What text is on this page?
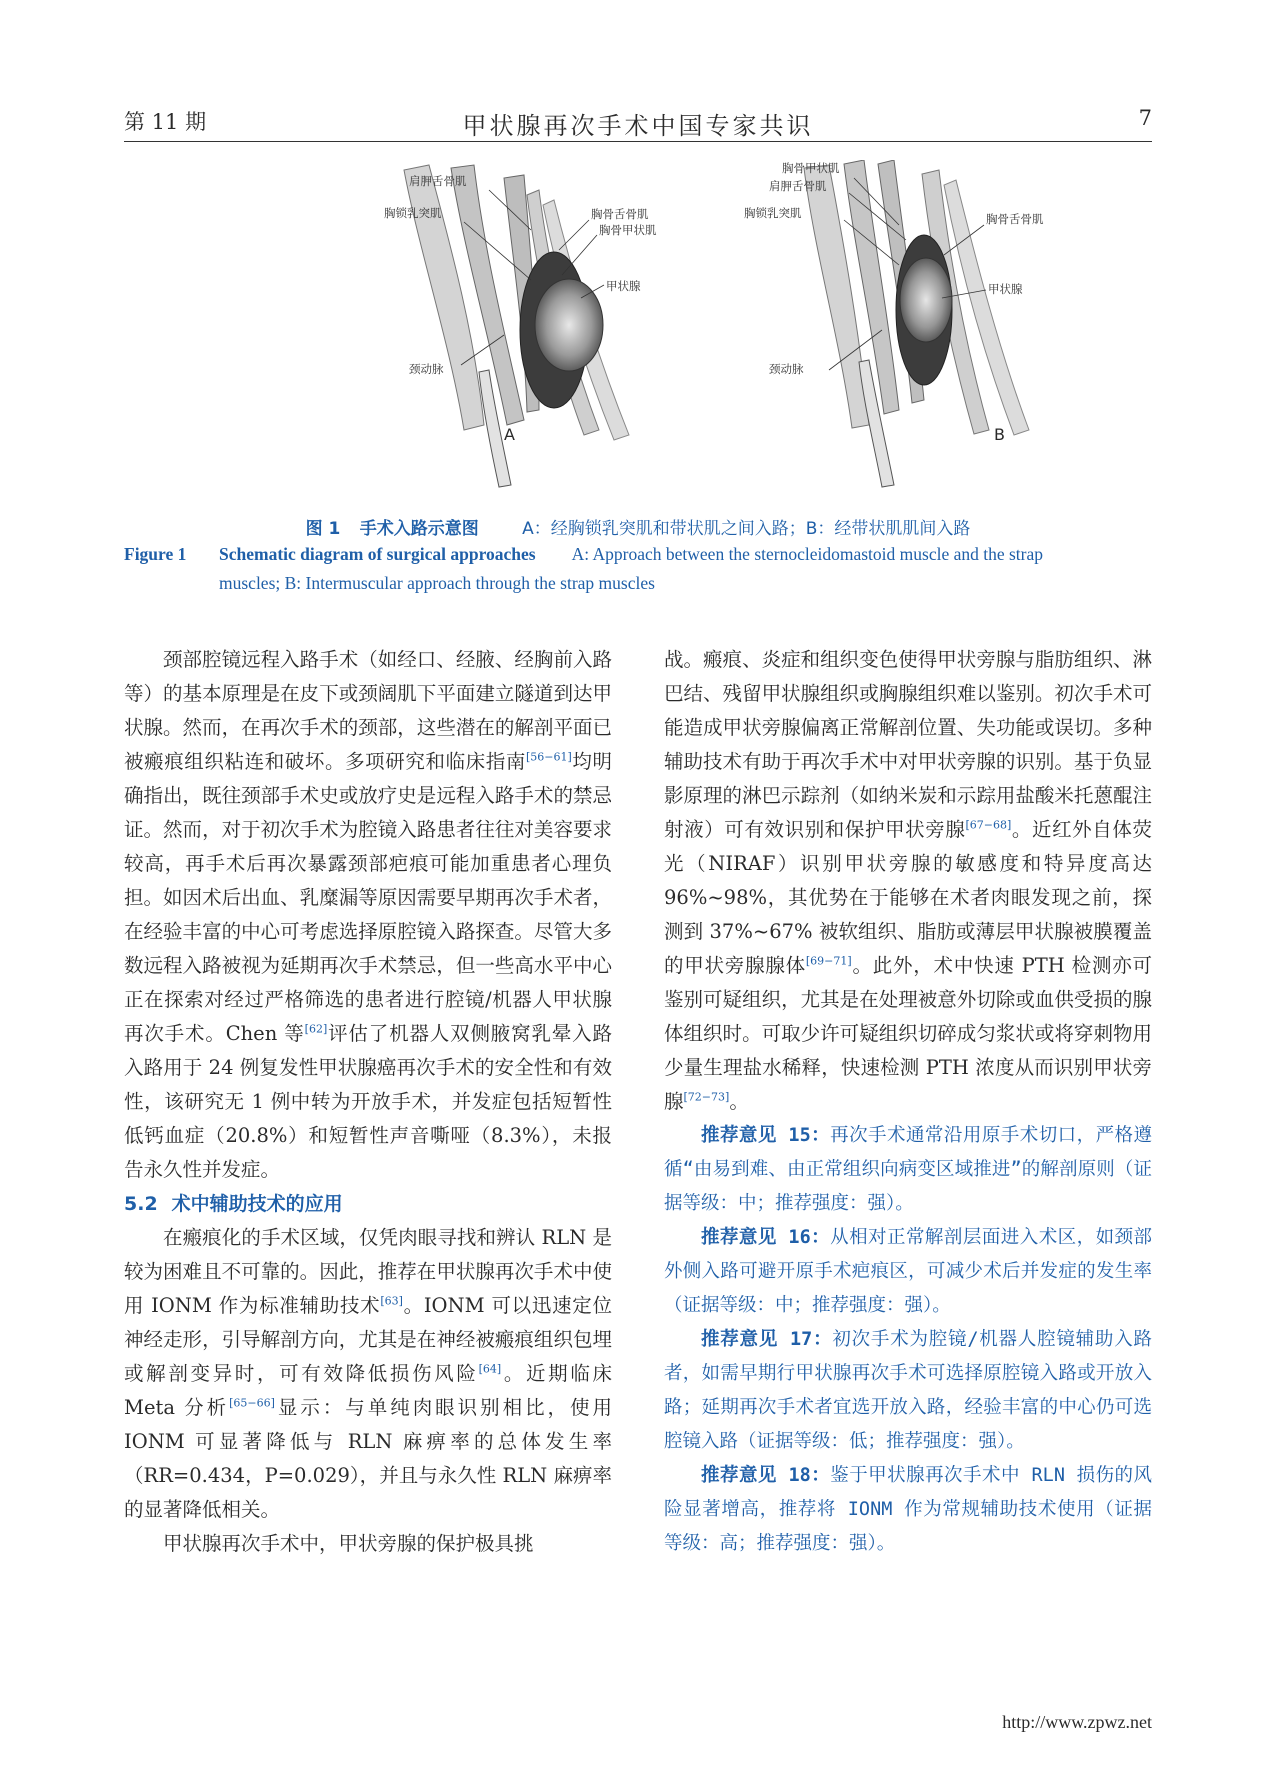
第 11 期	甲状腺再次手术中国专家共识	7
肩胛舌骨肌
胸锁乳突肌	胸骨舌骨肌
胸骨甲状肌
甲状腺
颈动脉
A
胸骨甲状肌
肩胛舌骨肌
胸锁乳突肌	胸骨舌骨肌
甲状腺
颈动脉
B
图 1 手术入路示意图	A：经胸锁乳突肌和带状肌之间入路；B：经带状肌肌间入路
Figure 1 Schematic diagram of surgical approaches A: Approach between the sternocleidomastoid muscle and the strap
muscles; B: Intermuscular approach through the strap muscles

颈部腔镜远程入路手术（如经口、经腋、经胸前入路等）的基本原理是在皮下或颈阔肌下平面建立隧道到达甲状腺。然而，在再次手术的颈部，这些潜在的解剖平面已被瘢痕组织粘连和破坏。多项研究和临床指南[56−61]均明确指出，既往颈部手术史或放疗史是远程入路手术的禁忌证。然而，对于初次手术为腔镜入路患者往往对美容要求较高，再手术后再次暴露颈部疤痕可能加重患者心理负担。如因术后出血、乳糜漏等原因需要早期再次手术者，在经验丰富的中心可考虑选择原腔镜入路探查。尽管大多数远程入路被视为延期再次手术禁忌，但一些高水平中心正在探索对经过严格筛选的患者进行腔镜/机器人甲状腺再次手术。Chen 等[62]评估了机器人双侧腋窝乳晕入路入路用于 24 例复发性甲状腺癌再次手术的安全性和有效性，该研究无 1 例中转为开放手术，并发症包括短暂性低钙血症（20.8%）和短暂性声音嘶哑（8.3%），未报告永久性并发症。

5.2 术中辅助技术的应用

在瘢痕化的手术区域，仅凭肉眼寻找和辨认 RLN 是较为困难且不可靠的。因此，推荐在甲状腺再次手术中使用 IONM 作为标准辅助技术[63]。IONM 可以迅速定位神经走形，引导解剖方向，尤其是在神经被瘢痕组织包埋或解剖变异时，可有效降低损伤风险[64]。近期临床 Meta 分析[65−66]显示：与单纯肉眼识别相比，使用 IONM 可显著降低与 RLN 麻痹率的总体发生率（RR=0.434，P=0.029），并且与永久性 RLN 麻痹率的显著降低相关。

甲状腺再次手术中，甲状旁腺的保护极具挑

战。瘢痕、炎症和组织变色使得甲状旁腺与脂肪组织、淋巴结、残留甲状腺组织或胸腺组织难以鉴别。初次手术可能造成甲状旁腺偏离正常解剖位置、失功能或误切。多种辅助技术有助于再次手术中对甲状旁腺的识别。基于负显影原理的淋巴示踪剂（如纳米炭和示踪用盐酸米托蒽醌注射液）可有效识别和保护甲状旁腺[67−68]。近红外自体荧光（NIRAF）识别甲状旁腺的敏感度和特异度高达 96%~98%，其优势在于能够在术者肉眼发现之前，探测到 37%~67% 被软组织、脂肪或薄层甲状腺被膜覆盖的甲状旁腺腺体[69−71]。此外，术中快速 PTH 检测亦可鉴别可疑组织，尤其是在处理被意外切除或血供受损的腺体组织时。可取少许可疑组织切碎成匀浆状或将穿刺物用少量生理盐水稀释，快速检测 PTH 浓度从而识别甲状旁腺[72−73]。

推荐意见 15：再次手术通常沿用原手术切口，严格遵循“由易到难、由正常组织向病变区域推进”的解剖原则（证据等级：中；推荐强度：强）。

推荐意见 16：从相对正常解剖层面进入术区，如颈部外侧入路可避开原手术疤痕区，可减少术后并发症的发生率（证据等级：中；推荐强度：强）。

推荐意见 17：初次手术为腔镜/机器人腔镜辅助入路者，如需早期行甲状腺再次手术可选择原腔镜入路或开放入路；延期再次手术者宜选开放入路，经验丰富的中心仍可选腔镜入路（证据等级：低；推荐强度：强）。

推荐意见 18：鉴于甲状腺再次手术中 RLN 损伤的风险显著增高，推荐将 IONM 作为常规辅助技术使用（证据等级：高；推荐强度：强）。

http://www.zpwz.net
